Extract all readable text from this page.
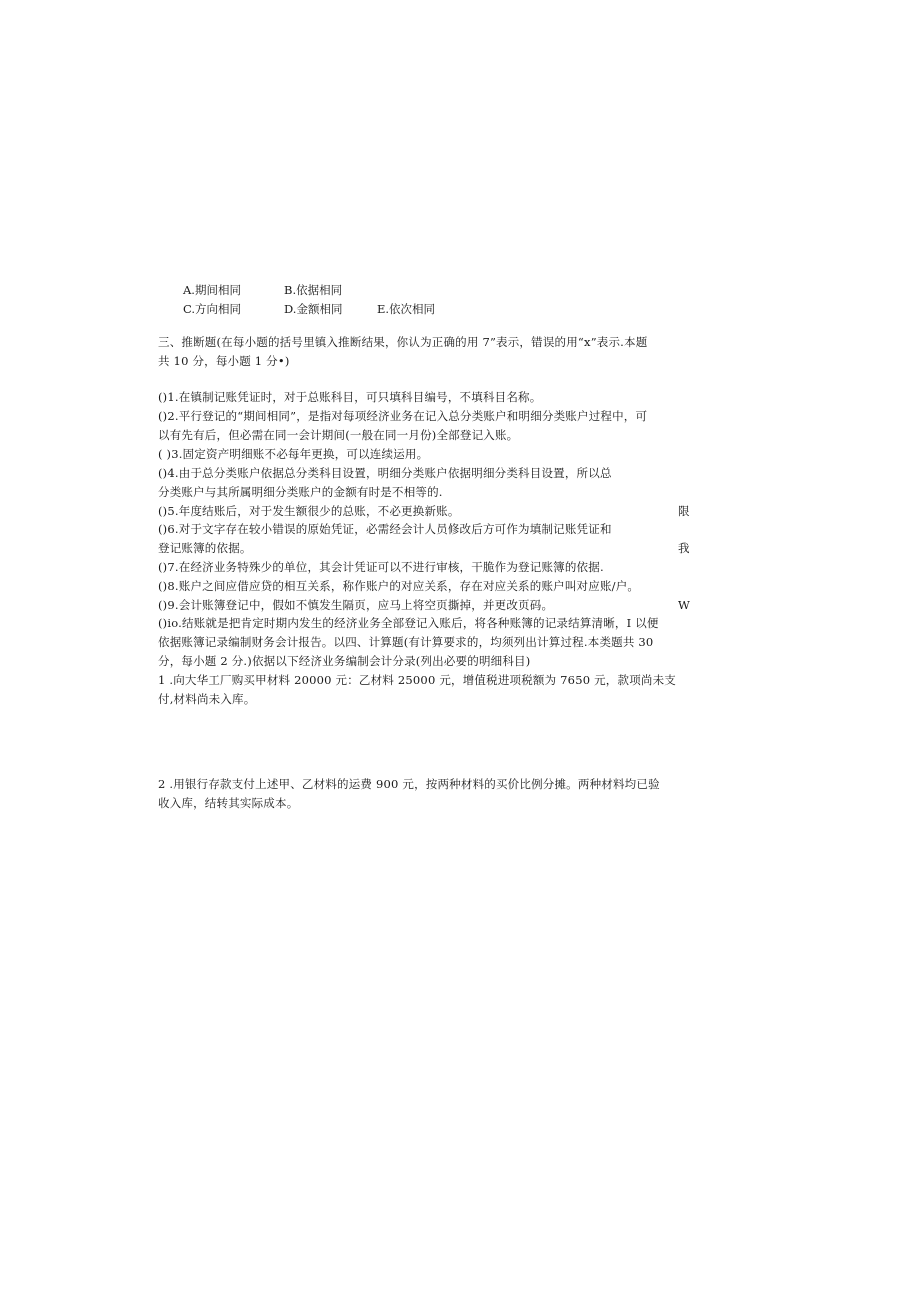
A.期间相同	B.依据相同
C.方向相同	D.金额相同	E.依次相同
三、推断题(在每小题的括号里镇入推断结果，你认为正确的用 7”表示，错误的用“x”表示.本题
共 10 分，每小题 1 分•)
()1.在镇制记账凭证时，对于总账科目，可只填科目编号，不填科目名称。
()2.平行登记的“期间相同”，是指对每项经济业务在记入总分类账户和明细分类账户过程中，可
以有先有后，但必需在同一会计期间(一般在同一月份)全部登记入账。
( )3.固定资产明细账不必每年更换，可以连续运用。
()4.由于总分类账户依据总分类科目设置，明细分类账户依据明细分类科目设置，所以总
分类账户与其所属明细分类账户的金额有时是不相等的.
()5.年度结账后，对于发生额很少的总账，不必更换新账。	限
()6.对于文字存在较小错误的原始凭证，必需经会计人员修改后方可作为填制记账凭证和
登记账簿的依据。	我
()7.在经济业务特殊少的单位，其会计凭证可以不进行审核，干脆作为登记账簿的依据.
()8.账户之间应借应贷的相互关系，称作账户的对应关系，存在对应关系的账户叫对应账/户。
()9.会计账簿登记中，假如不慎发生隔页，应马上将空页撕掉，并更改页码。	W
()io.结账就是把肯定时期内发生的经济业务全部登记入账后，将各种账簿的记录结算清晰，I 以便
依据账簿记录编制财务会计报告。以四、计算题(有计算要求的，均须列出计算过程.本类题共 30
分，每小题 2 分.)依据以下经济业务编制会计分录(列出必要的明细科目)
1 .向大华工厂购买甲材料 20000 元：乙材料 25000 元，增值税进项税额为 7650 元，款项尚未支
付,材料尚未入库。
2 .用银行存款支付上述甲、乙材料的运费 900 元，按两种材料的买价比例分摊。两种材料均已验
收入库，结转其实际成本。
